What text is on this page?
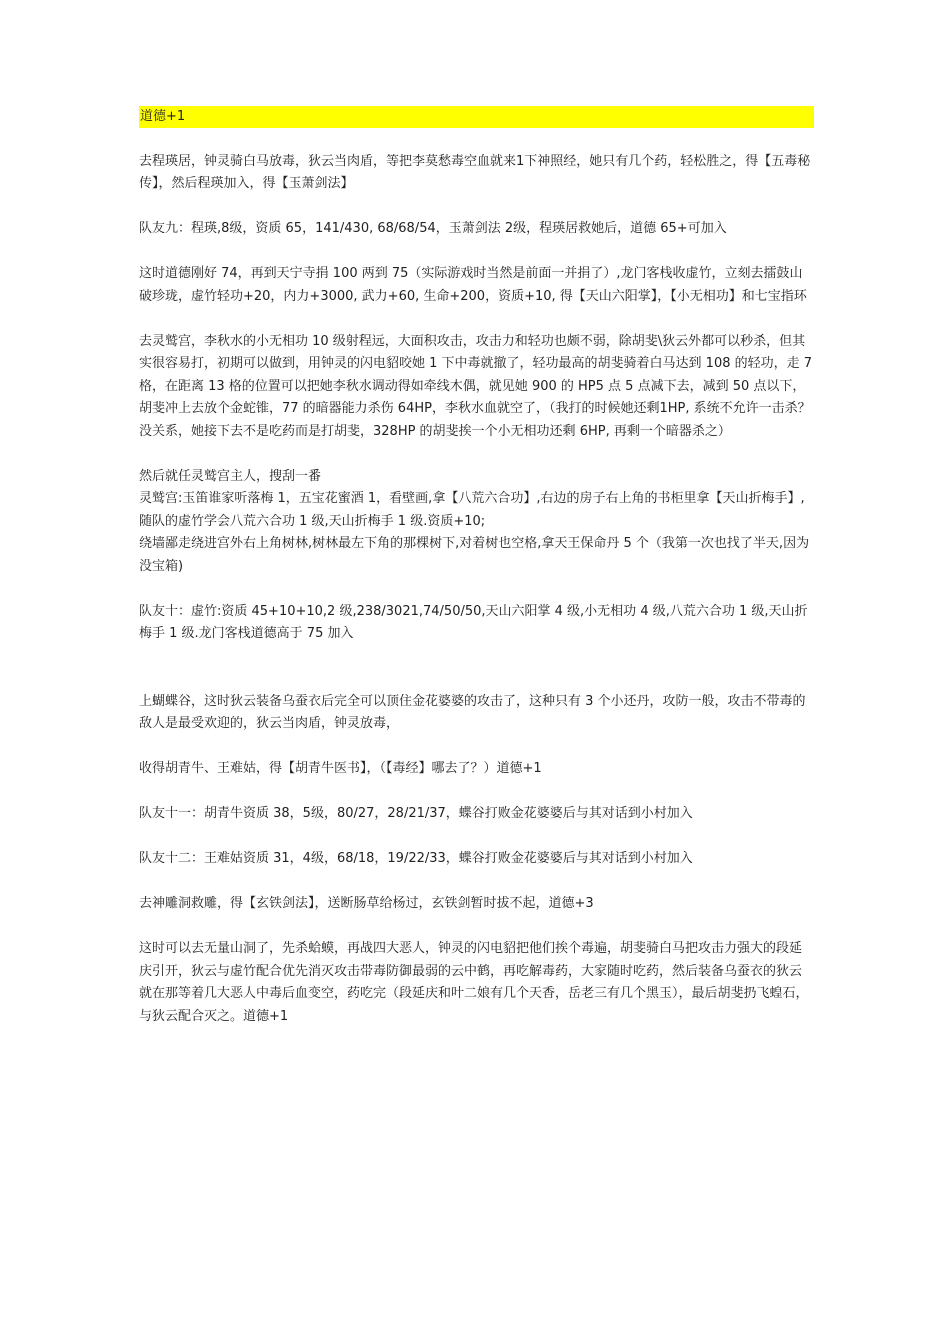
道德+1

去程瑛居，钟灵骑白马放毒，狄云当肉盾，等把李莫愁毒空血就来1下神照经，她只有几个药，轻松胜之，得【五毒秘传】，然后程瑛加入，得【玉萧剑法】

队友九：程瑛,8级，资质 65，141/430, 68/68/54，玉萧剑法 2级，程瑛居救她后，道德 65+可加入

这时道德刚好 74，再到天宁寺捐 100 两到 75（实际游戏时当然是前面一并捐了）,龙门客栈收虚竹，立刻去擂鼓山破珍珑，虚竹轻功+20，内力+3000, 武力+60, 生命+200，资质+10, 得【天山六阳掌】，【小无相功】和七宝指环

去灵鹫宫，李秋水的小无相功 10 级射程远，大面积攻击，攻击力和轻功也颇不弱，除胡斐\狄云外都可以秒杀，但其实很容易打，初期可以做到，用钟灵的闪电貂咬她 1 下中毒就撤了，轻功最高的胡斐骑着白马达到 108 的轻功，走 7 格，在距离 13 格的位置可以把她李秋水调动得如牵线木偶，就见她 900 的 HP5 点 5 点减下去，减到 50 点以下，胡斐冲上去放个金蛇锥，77 的暗器能力杀伤 64HP，李秋水血就空了，（我打的时候她还剩1HP, 系统不允许一击杀？没关系，她接下去不是吃药而是打胡斐，328HP 的胡斐挨一个小无相功还剩 6HP, 再剩一个暗器杀之）

然后就任灵鹫宫主人，搜刮一番

灵鹫宫:玉笛谁家听落梅 1，五宝花蜜酒 1，看壁画,拿【八荒六合功】,右边的房子右上角的书柜里拿【天山折梅手】,随队的虚竹学会八荒六合功 1 级,天山折梅手 1 级.资质+10;

绕墙鄙走绕进宫外右上角树林,树林最左下角的那棵树下,对着树也空格,拿天王保命丹 5 个（我第一次也找了半天,因为没宝箱)

队友十：虚竹:资质 45+10+10,2 级,238/3021,74/50/50,天山六阳掌 4 级,小无相功 4 级,八荒六合功 1 级,天山折梅手 1 级.龙门客栈道德高于 75 加入

上蝴蝶谷，这时狄云装备乌蚕衣后完全可以顶住金花婆婆的攻击了，这种只有 3 个小还丹，攻防一般，攻击不带毒的敌人是最受欢迎的，狄云当肉盾，钟灵放毒，

收得胡青牛、王难姑，得【胡青牛医书】，（【毒经】哪去了？）道德+1

队友十一：胡青牛资质 38，5级，80/27，28/21/37，蝶谷打败金花婆婆后与其对话到小村加入

队友十二：王难姑资质 31，4级，68/18，19/22/33，蝶谷打败金花婆婆后与其对话到小村加入

去神雕洞救雕，得【玄铁剑法】，送断肠草给杨过，玄铁剑暂时拔不起，道德+3

这时可以去无量山洞了，先杀蛤蟆，再战四大恶人，钟灵的闪电貂把他们挨个毒遍，胡斐骑白马把攻击力强大的段延庆引开，狄云与虚竹配合优先消灭攻击带毒防御最弱的云中鹤，再吃解毒药，大家随时吃药，然后装备乌蚕衣的狄云就在那等着几大恶人中毒后血变空，药吃完（段延庆和叶二娘有几个天香，岳老三有几个黑玉），最后胡斐扔飞蝗石，与狄云配合灭之。道德+1
